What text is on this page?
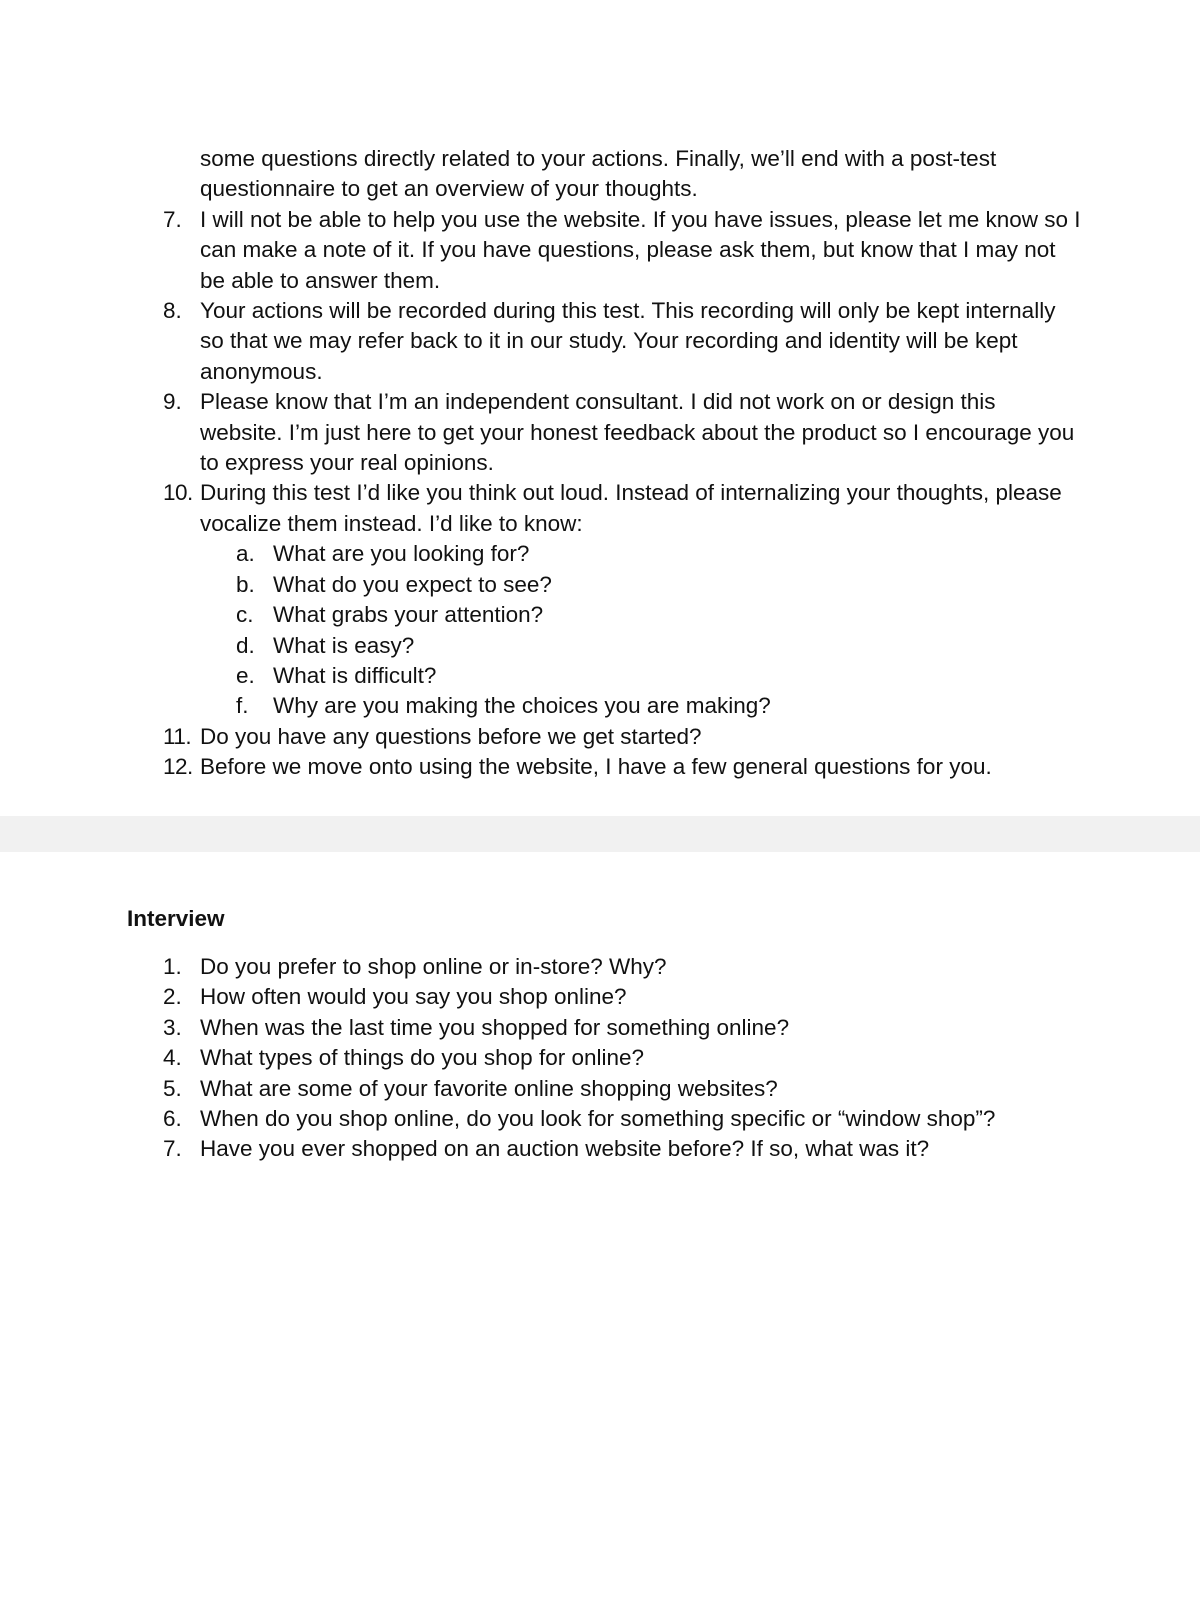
some questions directly related to your actions. Finally, we’ll end with a post-test questionnaire to get an overview of your thoughts.
7. I will not be able to help you use the website. If you have issues, please let me know so I can make a note of it. If you have questions, please ask them, but know that I may not be able to answer them.
8. Your actions will be recorded during this test. This recording will only be kept internally so that we may refer back to it in our study. Your recording and identity will be kept anonymous.
9. Please know that I’m an independent consultant. I did not work on or design this website. I’m just here to get your honest feedback about the product so I encourage you to express your real opinions.
10. During this test I’d like you think out loud. Instead of internalizing your thoughts, please vocalize them instead. I’d like to know:
a. What are you looking for?
b. What do you expect to see?
c. What grabs your attention?
d. What is easy?
e. What is difficult?
f.	Why are you making the choices you are making?
11. Do you have any questions before we get started?
12. Before we move onto using the website, I have a few general questions for you.
Interview
1. Do you prefer to shop online or in-store? Why?
2. How often would you say you shop online?
3. When was the last time you shopped for something online?
4. What types of things do you shop for online?
5. What are some of your favorite online shopping websites?
6. When do you shop online, do you look for something specific or “window shop”?
7. Have you ever shopped on an auction website before? If so, what was it?
